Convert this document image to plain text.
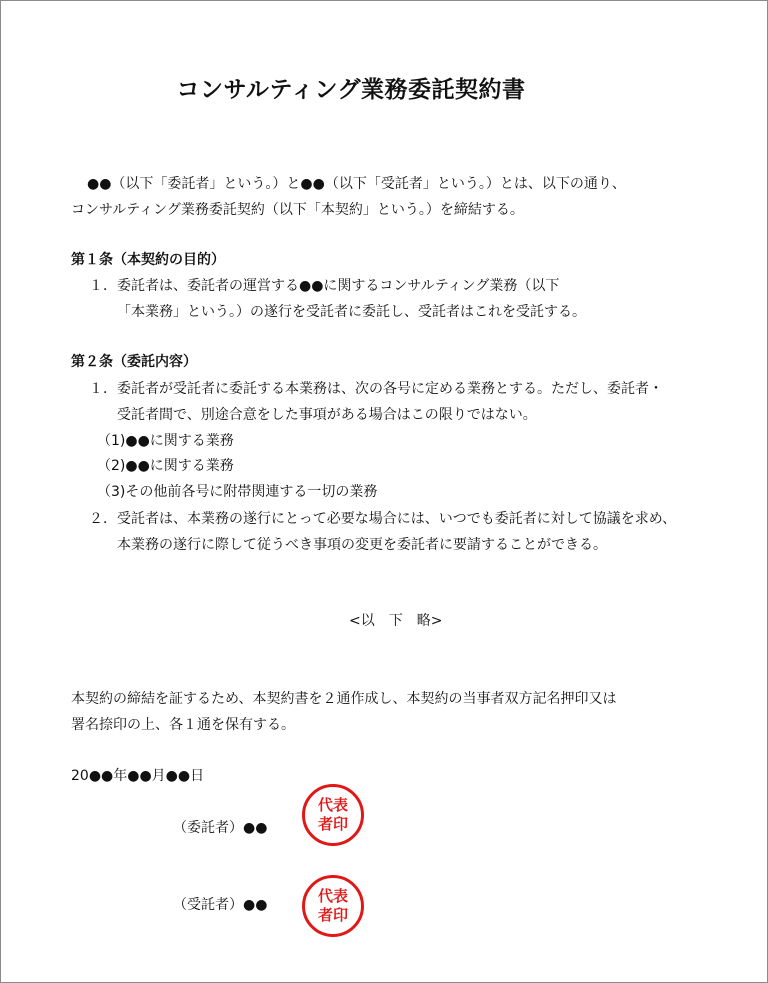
コンサルティング業務委託契約書
●●（以下「委託者」という。）と●●（以下「受託者」という。）とは、以下の通り、
コンサルティング業務委託契約（以下「本契約」という。）を締結する。
第１条（本契約の目的）
１．委託者は、委託者の運営する●●に関するコンサルティング業務（以下
「本業務」という。）の遂行を受託者に委託し、受託者はこれを受託する。
第２条（委託内容）
１．委託者が受託者に委託する本業務は、次の各号に定める業務とする。ただし、委託者・
受託者間で、別途合意をした事項がある場合はこの限りではない。
（1)●●に関する業務
（2)●●に関する業務
（3)その他前各号に附帯関連する一切の業務
２．受託者は、本業務の遂行にとって必要な場合には、いつでも委託者に対して協議を求め、
本業務の遂行に際して従うべき事項の変更を委託者に要請することができる。
<以　下　略>
本契約の締結を証するため、本契約書を２通作成し、本契約の当事者双方記名押印又は
署名捺印の上、各１通を保有する。
20●●年●●月●●日
（委託者）●●
代表者印
（受託者）●●	代表者印
